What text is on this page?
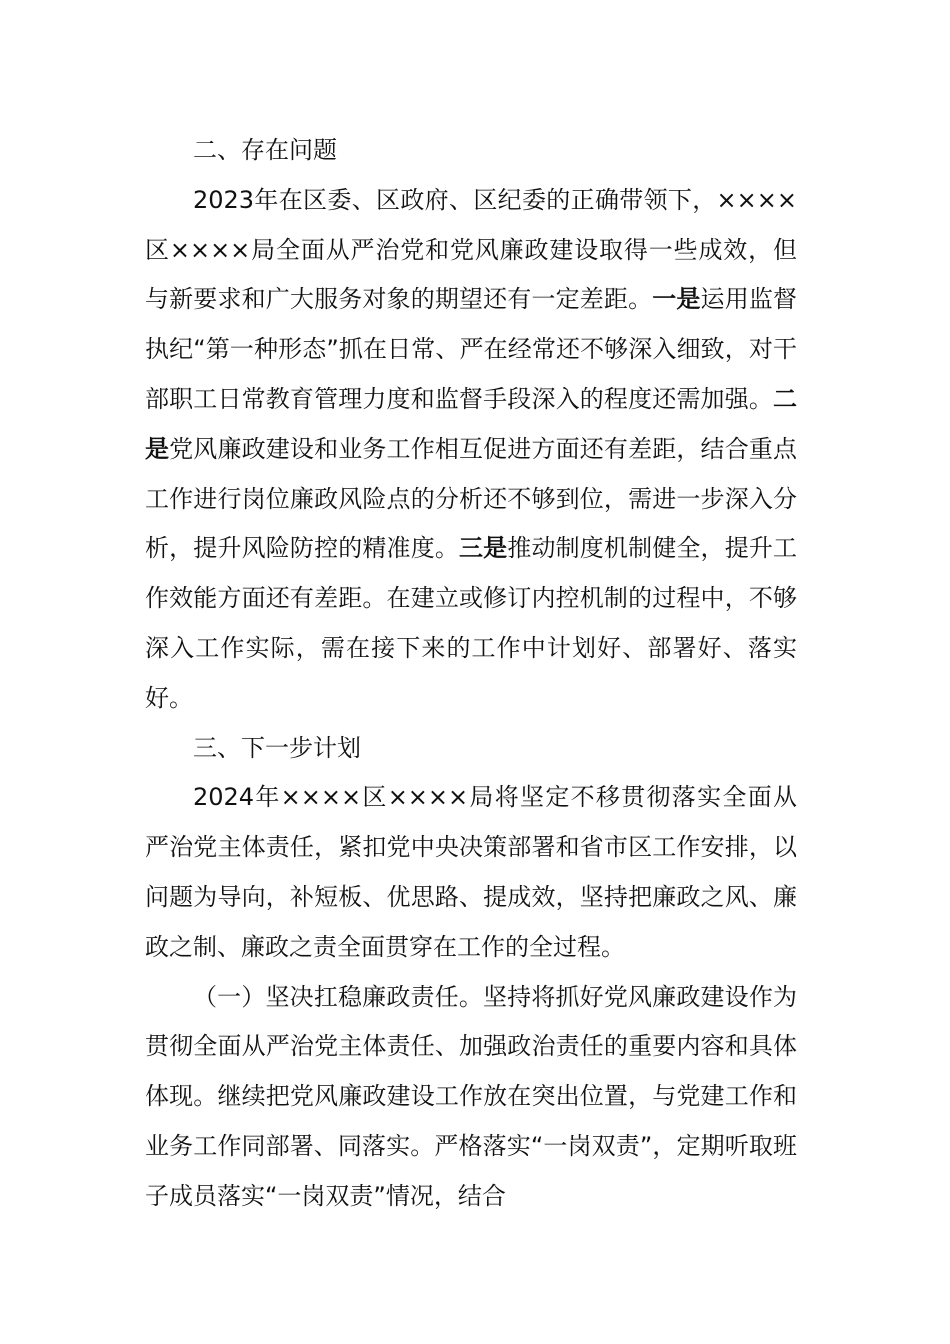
二、存在问题

2023年在区委、区政府、区纪委的正确带领下，××××区××××局全面从严治党和党风廉政建设取得一些成效，但与新要求和广大服务对象的期望还有一定差距。一是运用监督执纪“第一种形态”抓在日常、严在经常还不够深入细致，对干部职工日常教育管理力度和监督手段深入的程度还需加强。二是党风廉政建设和业务工作相互促进方面还有差距，结合重点工作进行岗位廉政风险点的分析还不够到位，需进一步深入分析，提升风险防控的精准度。三是推动制度机制健全，提升工作效能方面还有差距。在建立或修订内控机制的过程中，不够深入工作实际，需在接下来的工作中计划好、部署好、落实好。

三、下一步计划

2024年××××区××××局将坚定不移贯彻落实全面从严治党主体责任，紧扣党中央决策部署和省市区工作安排，以问题为导向，补短板、优思路、提成效，坚持把廉政之风、廉政之制、廉政之责全面贯穿在工作的全过程。

（一）坚决扛稳廉政责任。坚持将抓好党风廉政建设作为贯彻全面从严治党主体责任、加强政治责任的重要内容和具体体现。继续把党风廉政建设工作放在突出位置，与党建工作和业务工作同部署、同落实。严格落实“一岗双责”，定期听取班子成员落实“一岗双责”情况，结合
